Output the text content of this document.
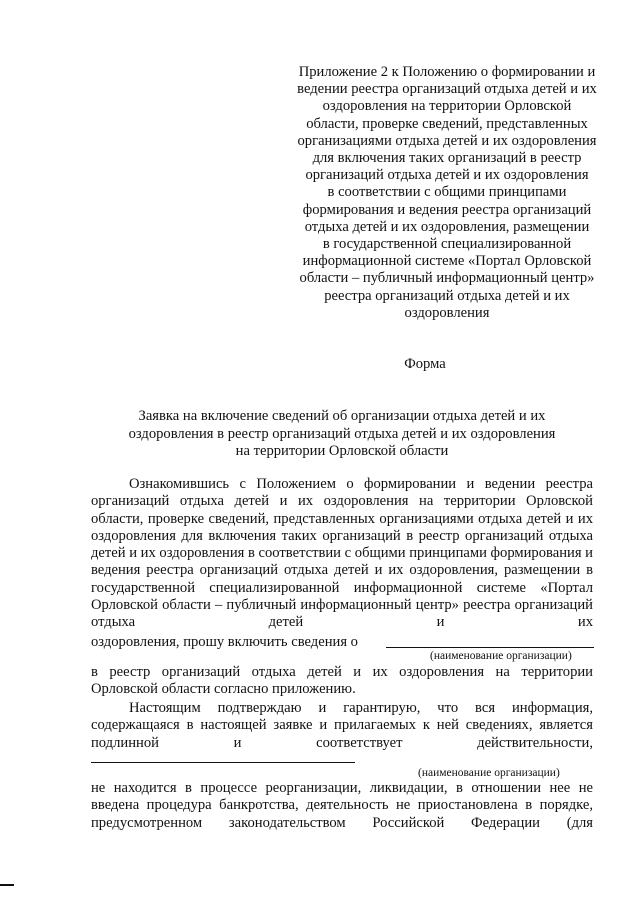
Приложение 2 к Положению о формировании и
ведении реестра организаций отдыха детей и их
оздоровления на территории Орловской
области, проверке сведений, представленных
организациями отдыха детей и их оздоровления
для включения таких организаций в реестр
организаций отдыха детей и их оздоровления
в соответствии с общими принципами
формирования и ведения реестра организаций
отдыха детей и их оздоровления, размещении
в государственной специализированной
информационной системе «Портал Орловской
области – публичный информационный центр»
реестра организаций отдыха детей и их
оздоровления
Форма
Заявка на включение сведений об организации отдыха детей и их
оздоровления в реестр организаций отдыха детей и их оздоровления
на территории Орловской области
Ознакомившись с Положением о формировании и ведении реестра организаций отдыха детей и их оздоровления на территории Орловской области, проверке сведений, представленных организациями отдыха детей и их оздоровления для включения таких организаций в реестр организаций отдыха детей и их оздоровления в соответствии с общими принципами формирования и ведения реестра организаций отдыха детей и их оздоровления, размещении в государственной специализированной информационной системе «Портал Орловской области – публичный информационный центр» реестра организаций отдыха детей и их
оздоровления, прошу включить сведения о
(наименование организации)
в реестр организаций отдыха детей и их оздоровления на территории Орловской области согласно приложению.
Настоящим подтверждаю и гарантирую, что вся информация, содержащаяся в настоящей заявке и прилагаемых к ней сведениях, является подлинной и соответствует действительности,
(наименование организации)
не находится в процессе реорганизации, ликвидации, в отношении нее не введена процедура банкротства, деятельность не приостановлена в порядке, предусмотренном законодательством Российской Федерации (для
